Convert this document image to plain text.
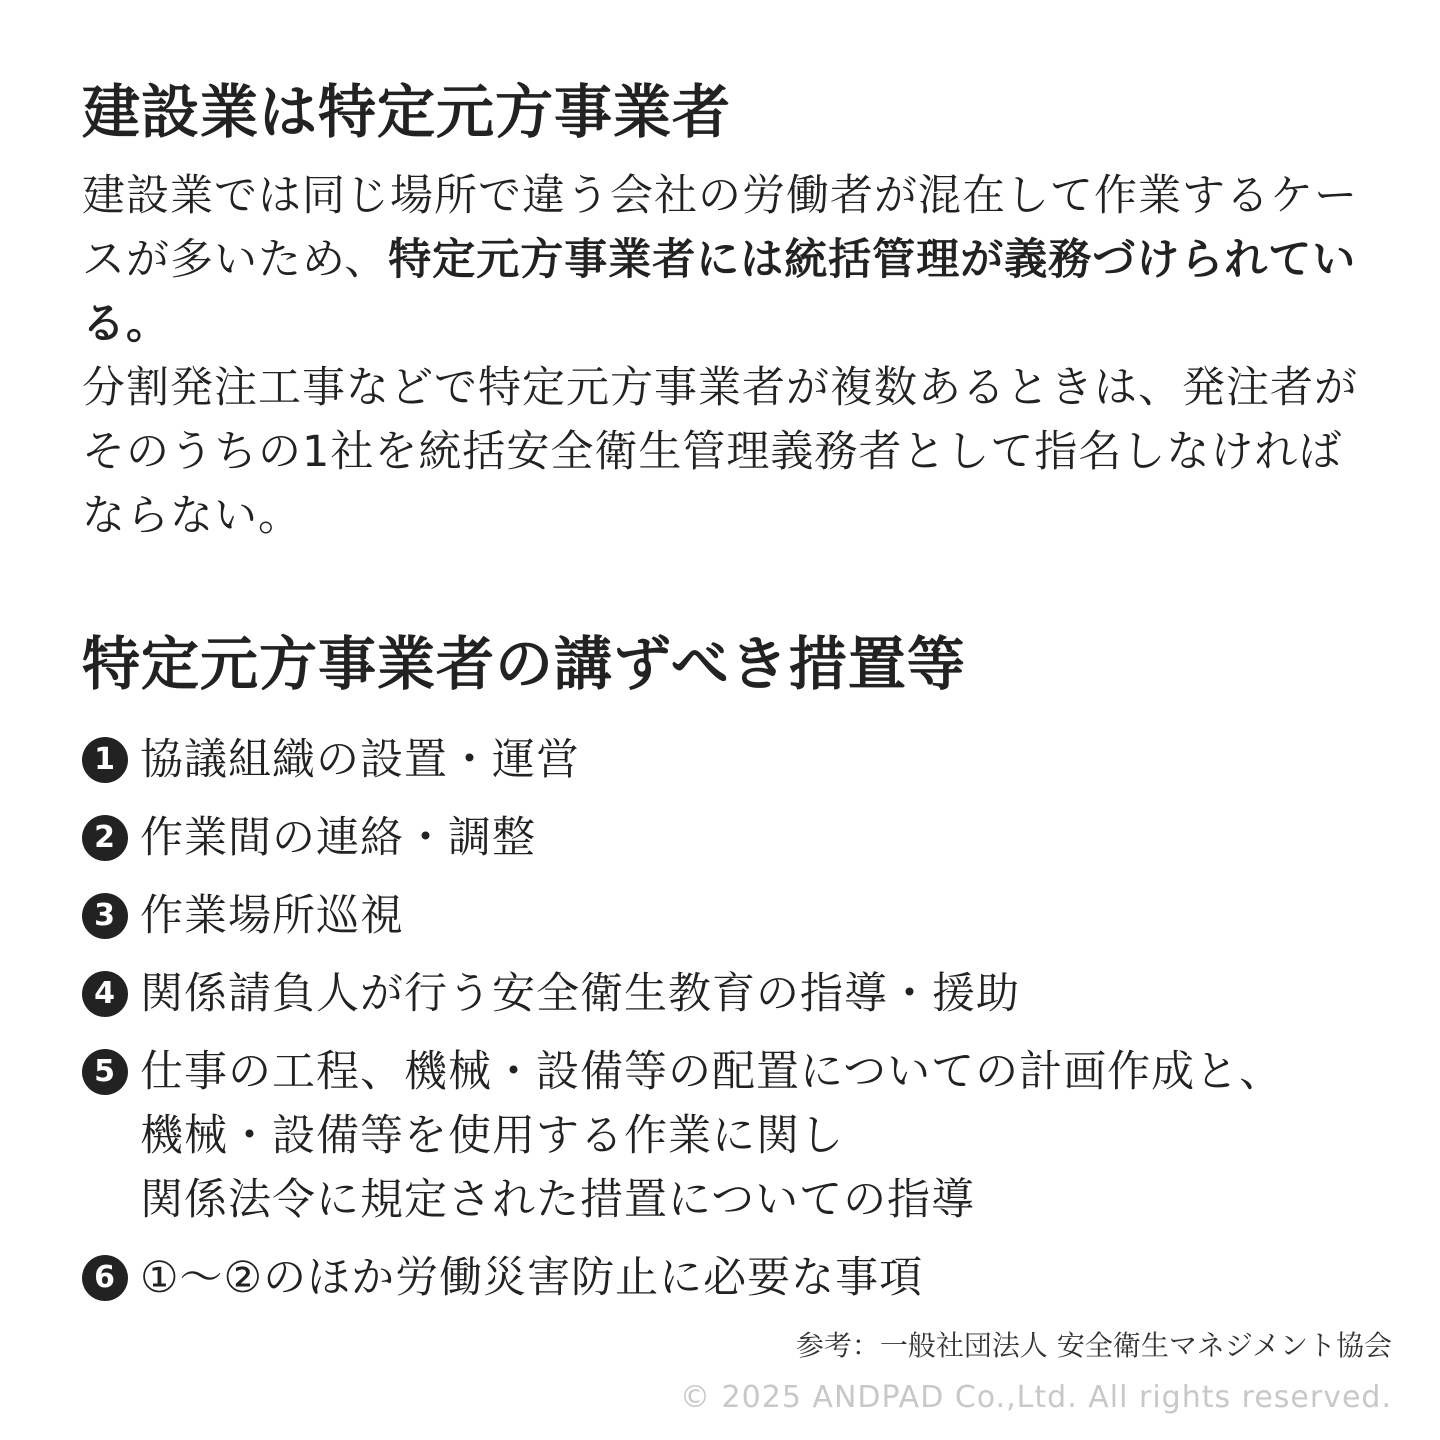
建設業は特定元方事業者

建設業では同じ場所で違う会社の労働者が混在して作業するケースが多いため、特定元方事業者には統括管理が義務づけられている。

分割発注工事などで特定元方事業者が複数あるときは、発注者がそのうちの1社を統括安全衛生管理義務者として指名しなければならない。

特定元方事業者の講ずべき措置等
1 協議組織の設置・運営
2 作業間の連絡・調整
3 作業場所巡視
4 関係請負人が行う安全衛生教育の指導・援助
5 仕事の工程、機械・設備等の配置についての計画作成と、
機械・設備等を使用する作業に関し
関係法令に規定された措置についての指導
6 ①〜②のほか労働災害防止に必要な事項
参考：一般社団法人 安全衛生マネジメント協会
© 2025 ANDPAD Co.,Ltd. All rights reserved.
